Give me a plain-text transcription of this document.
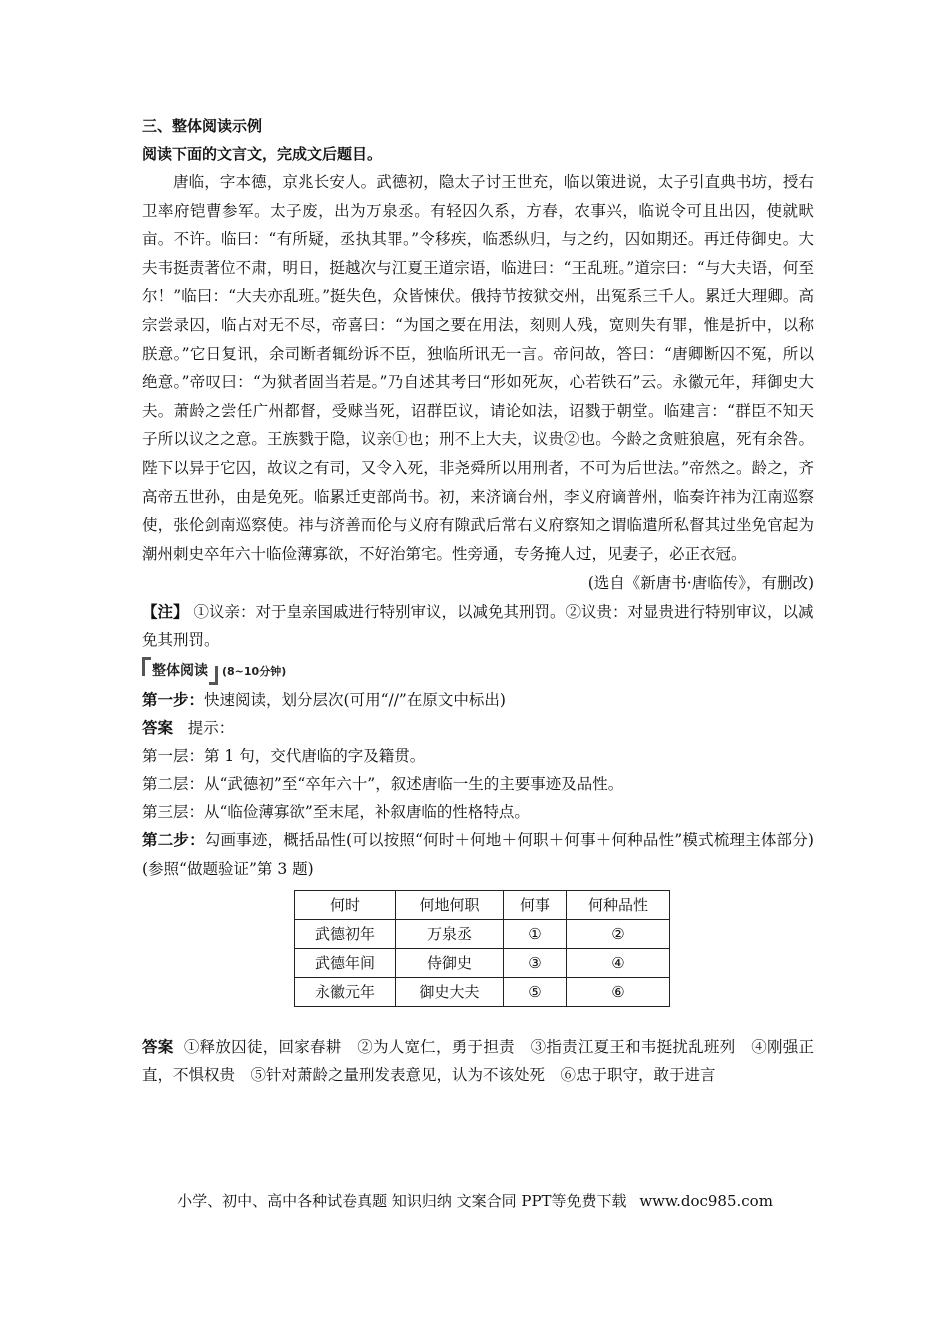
三、整体阅读示例
阅读下面的文言文，完成文后题目。
唐临，字本德，京兆长安人。武德初，隐太子讨王世充，临以策进说，太子引直典书坊，授右卫率府铠曹参军。太子废，出为万泉丞。有轻囚久系，方春，农事兴，临说令可且出囚，使就畎亩。不许。临曰：“有所疑，丞执其罪。”令移疾，临悉纵归，与之约，囚如期还。再迁侍御史。大夫韦挺责著位不肃，明日，挺越次与江夏王道宗语，临进曰：“王乱班。”道宗曰：“与大夫语，何至尔！”临曰：“大夫亦乱班。”挺失色，众皆悚伏。俄持节按狱交州，出冤系三千人。累迁大理卿。高宗尝录囚，临占对无不尽，帝喜曰：“为国之要在用法，刻则人残，宽则失有罪，惟是折中，以称朕意。”它日复讯，余司断者辄纷诉不臣，独临所讯无一言。帝问故，答曰：“唐卿断囚不冤，所以绝意。”帝叹曰：“为狱者固当若是。”乃自述其考曰“形如死灰，心若铁石”云。永徽元年，拜御史大夫。萧龄之尝任广州都督，受赇当死，诏群臣议，请论如法，诏戮于朝堂。临建言：“群臣不知天子所以议之之意。王族戮于隐，议亲①也；刑不上大夫，议贵②也。今龄之贪赃狼扈，死有余咎。陛下以异于它囚，故议之有司，又令入死，非尧舜所以用刑者，不可为后世法。”帝然之。龄之，齐高帝五世孙，由是免死。临累迁吏部尚书。初，来济谪台州，李义府谪普州，临奏许祎为江南巡察使，张伦剑南巡察使。祎与济善而伦与义府有隙武后常右义府察知之谓临遣所私督其过坐免官起为潮州刺史卒年六十临俭薄寡欲，不好治第宅。性旁通，专务掩人过，见妻子，必正衣冠。
(选自《新唐书·唐临传》，有删改)
【注】 ①议亲：对于皇亲国戚进行特别审议，以减免其刑罚。②议贵：对显贵进行特别审议，以减免其刑罚。
整体阅读	(8~10分钟)
第一步：快速阅读，划分层次(可用“//”在原文中标出)
答案 提示：
第一层：第 1 句，交代唐临的字及籍贯。
第二层：从“武德初”至“卒年六十”，叙述唐临一生的主要事迹及品性。
第三层：从“临俭薄寡欲”至末尾，补叙唐临的性格特点。
第二步：勾画事迹，概括品性(可以按照“何时＋何地＋何职＋何事＋何种品性”模式梳理主体部分)(参照“做题验证”第 3 题)
何时	何地何职	何事	何种品性
武德初年	万泉丞	①	②
武德年间	侍御史	③	④
永徽元年	御史大夫	⑤	⑥
答案 ①释放囚徒，回家春耕　②为人宽仁，勇于担责　③指责江夏王和韦挺扰乱班列　④刚强正直，不惧权贵　⑤针对萧龄之量刑发表意见，认为不该处死　⑥忠于职守，敢于进言
小学、初中、高中各种试卷真题 知识归纳 文案合同 PPT等免费下载 www.doc985.com
